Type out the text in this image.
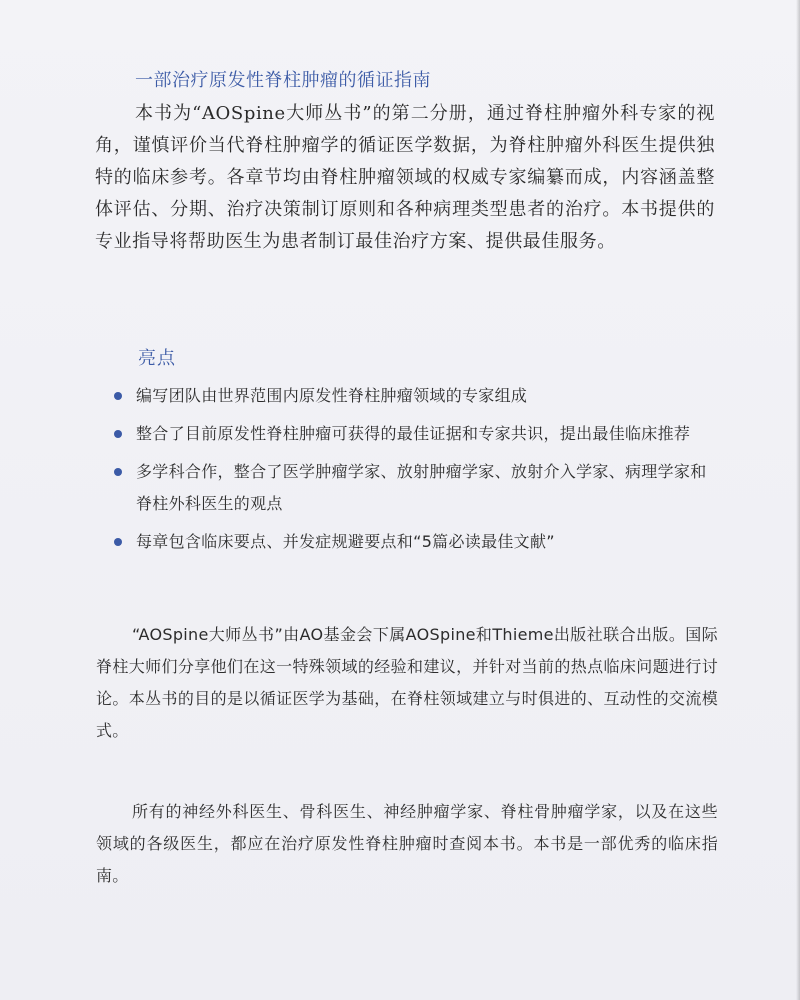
一部治疗原发性脊柱肿瘤的循证指南

本书为“AOSpine大师丛书”的第二分册，通过脊柱肿瘤外科专家的视角，谨慎评价当代脊柱肿瘤学的循证医学数据，为脊柱肿瘤外科医生提供独特的临床参考。各章节均由脊柱肿瘤领域的权威专家编纂而成，内容涵盖整体评估、分期、治疗决策制订原则和各种病理类型患者的治疗。本书提供的专业指导将帮助医生为患者制订最佳治疗方案、提供最佳服务。

亮点
编写团队由世界范围内原发性脊柱肿瘤领域的专家组成
整合了目前原发性脊柱肿瘤可获得的最佳证据和专家共识，提出最佳临床推荐
多学科合作，整合了医学肿瘤学家、放射肿瘤学家、放射介入学家、病理学家和脊柱外科医生的观点
每章包含临床要点、并发症规避要点和“5篇必读最佳文献”

“AOSpine大师丛书”由AO基金会下属AOSpine和Thieme出版社联合出版。国际脊柱大师们分享他们在这一特殊领域的经验和建议，并针对当前的热点临床问题进行讨论。本丛书的目的是以循证医学为基础，在脊柱领域建立与时俱进的、互动性的交流模式。

所有的神经外科医生、骨科医生、神经肿瘤学家、脊柱骨肿瘤学家，以及在这些领域的各级医生，都应在治疗原发性脊柱肿瘤时查阅本书。本书是一部优秀的临床指南。
